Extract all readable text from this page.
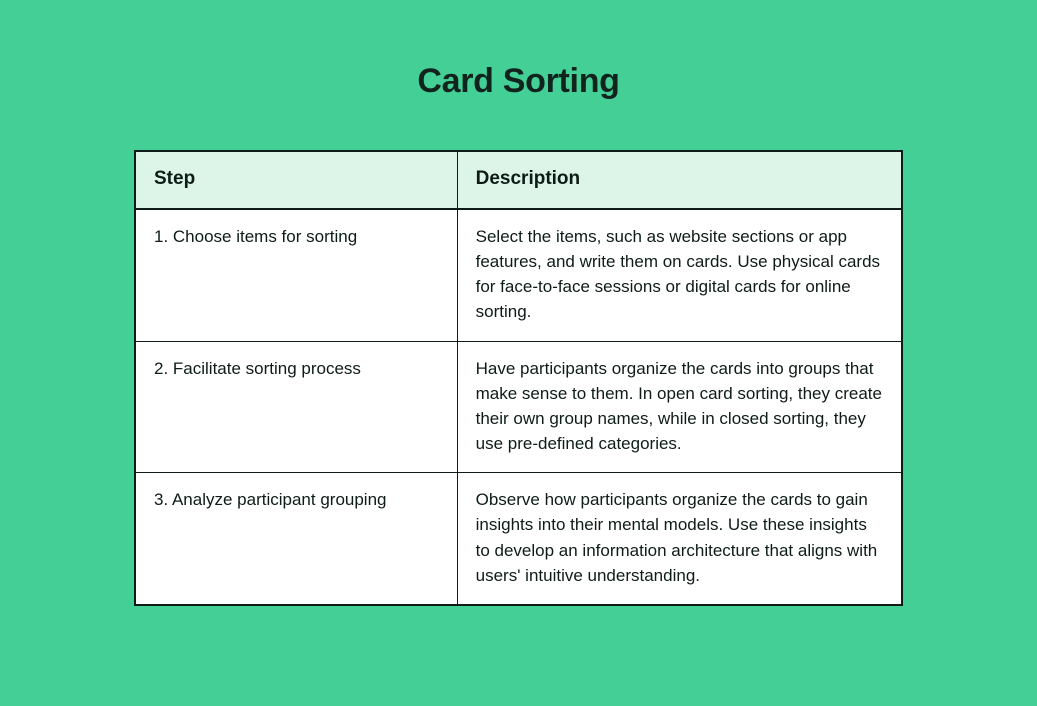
Card Sorting
Step	Description
1. Choose items for sorting	Select the items, such as website sections or app features, and write them on cards. Use physical cards for face-to-face sessions or digital cards for online sorting.
2. Facilitate sorting process	Have participants organize the cards into groups that make sense to them. In open card sorting, they create their own group names, while in closed sorting, they use pre-defined categories.
3. Analyze participant grouping	Observe how participants organize the cards to gain insights into their mental models. Use these insights to develop an information architecture that aligns with users' intuitive understanding.
